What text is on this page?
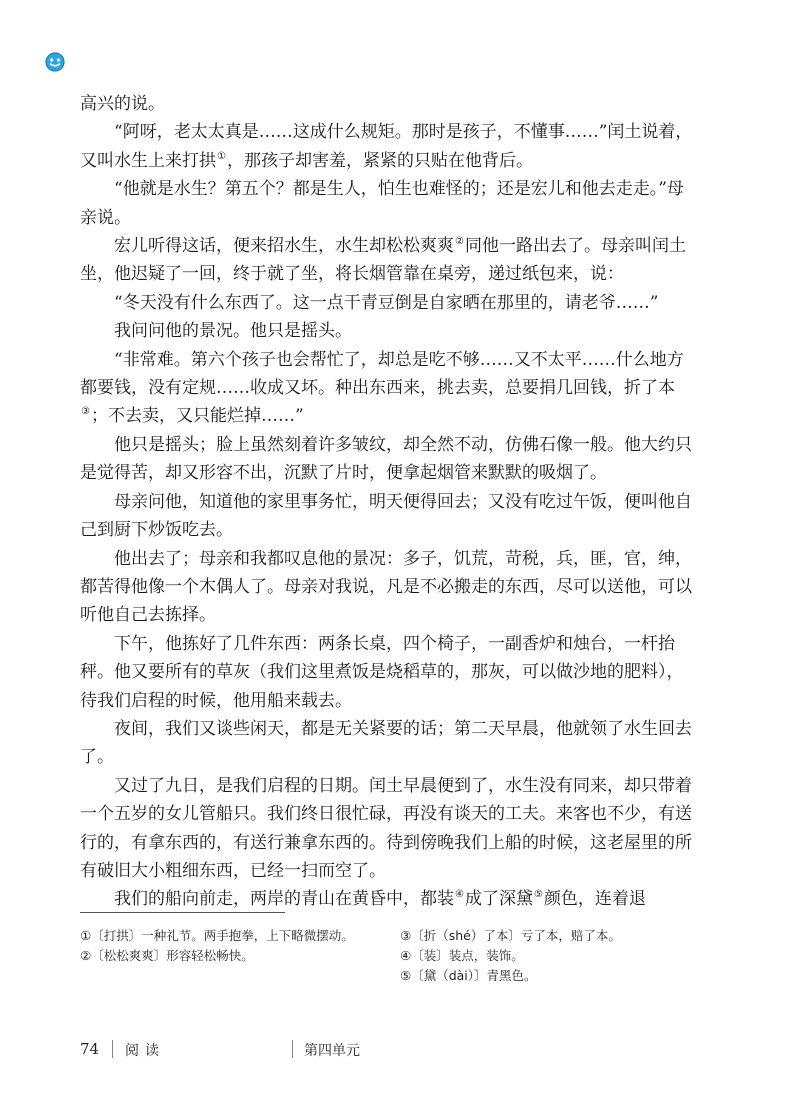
高兴的说。

“阿呀，老太太真是……这成什么规矩。那时是孩子，不懂事……”闰土说着，又叫水生上来打拱①，那孩子却害羞，紧紧的只贴在他背后。

“他就是水生？第五个？都是生人，怕生也难怪的；还是宏儿和他去走走。”母亲说。

宏儿听得这话，便来招水生，水生却松松爽爽②同他一路出去了。母亲叫闰土坐，他迟疑了一回，终于就了坐，将长烟管靠在桌旁，递过纸包来，说：

“冬天没有什么东西了。这一点干青豆倒是自家晒在那里的，请老爷……”

我问问他的景况。他只是摇头。

“非常难。第六个孩子也会帮忙了，却总是吃不够……又不太平……什么地方都要钱，没有定规……收成又坏。种出东西来，挑去卖，总要捐几回钱，折了本③；不去卖，又只能烂掉……”

他只是摇头；脸上虽然刻着许多皱纹，却全然不动，仿佛石像一般。他大约只是觉得苦，却又形容不出，沉默了片时，便拿起烟管来默默的吸烟了。

母亲问他，知道他的家里事务忙，明天便得回去；又没有吃过午饭，便叫他自己到厨下炒饭吃去。

他出去了；母亲和我都叹息他的景况：多子，饥荒，苛税，兵，匪，官，绅，都苦得他像一个木偶人了。母亲对我说，凡是不必搬走的东西，尽可以送他，可以听他自己去拣择。

下午，他拣好了几件东西：两条长桌，四个椅子，一副香炉和烛台，一杆抬秤。他又要所有的草灰（我们这里煮饭是烧稻草的，那灰，可以做沙地的肥料），待我们启程的时候，他用船来载去。

夜间，我们又谈些闲天，都是无关紧要的话；第二天早晨，他就领了水生回去了。

又过了九日，是我们启程的日期。闰土早晨便到了，水生没有同来，却只带着一个五岁的女儿管船只。我们终日很忙碌，再没有谈天的工夫。来客也不少，有送行的，有拿东西的，有送行兼拿东西的。待到傍晚我们上船的时候，这老屋里的所有破旧大小粗细东西，已经一扫而空了。

我们的船向前走，两岸的青山在黄昏中，都装④成了深黛⑤颜色，连着退

①〔打拱〕一种礼节。两手抱拳，上下略微摆动。
②〔松松爽爽〕形容轻松畅快。
③〔折（shé）了本〕亏了本，赔了本。
④〔装〕装点，装饰。
⑤〔黛（dài）〕青黑色。
74 阅读	第四单元
